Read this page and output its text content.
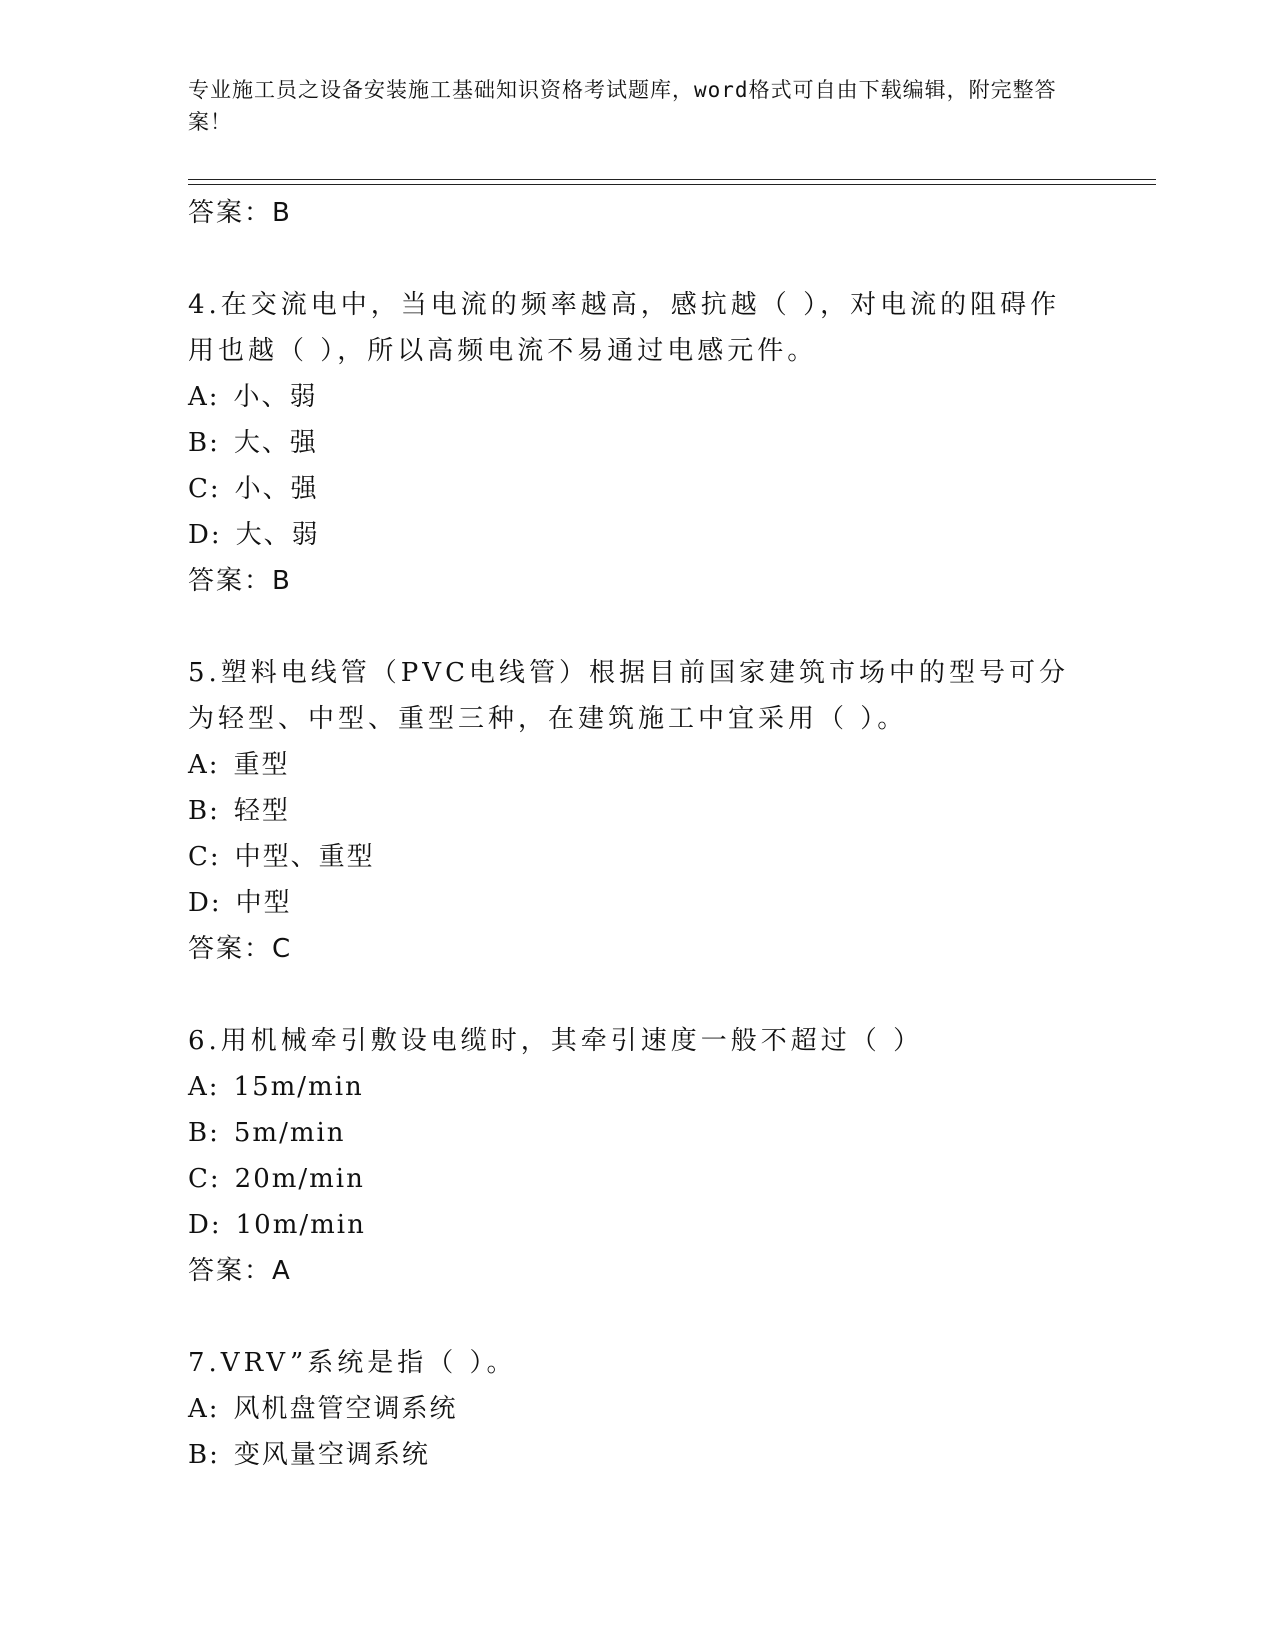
专业施工员之设备安装施工基础知识资格考试题库，word格式可自由下载编辑，附完整答案！
答案：B
4.在交流电中，当电流的频率越高，感抗越（ ），对电流的阻碍作用也越（ ），所以高频电流不易通过电感元件。
A: 小、弱
B: 大、强
C: 小、强
D: 大、弱
答案：B
5.塑料电线管（PVC电线管）根据目前国家建筑市场中的型号可分为轻型、中型、重型三种，在建筑施工中宜采用（ ）。
A: 重型
B: 轻型
C: 中型、重型
D: 中型
答案：C
6.用机械牵引敷设电缆时，其牵引速度一般不超过（ ）
A: 15m/min
B: 5m/min
C: 20m/min
D: 10m/min
答案：A
7.VRV”系统是指（ ）。
A: 风机盘管空调系统
B: 变风量空调系统
